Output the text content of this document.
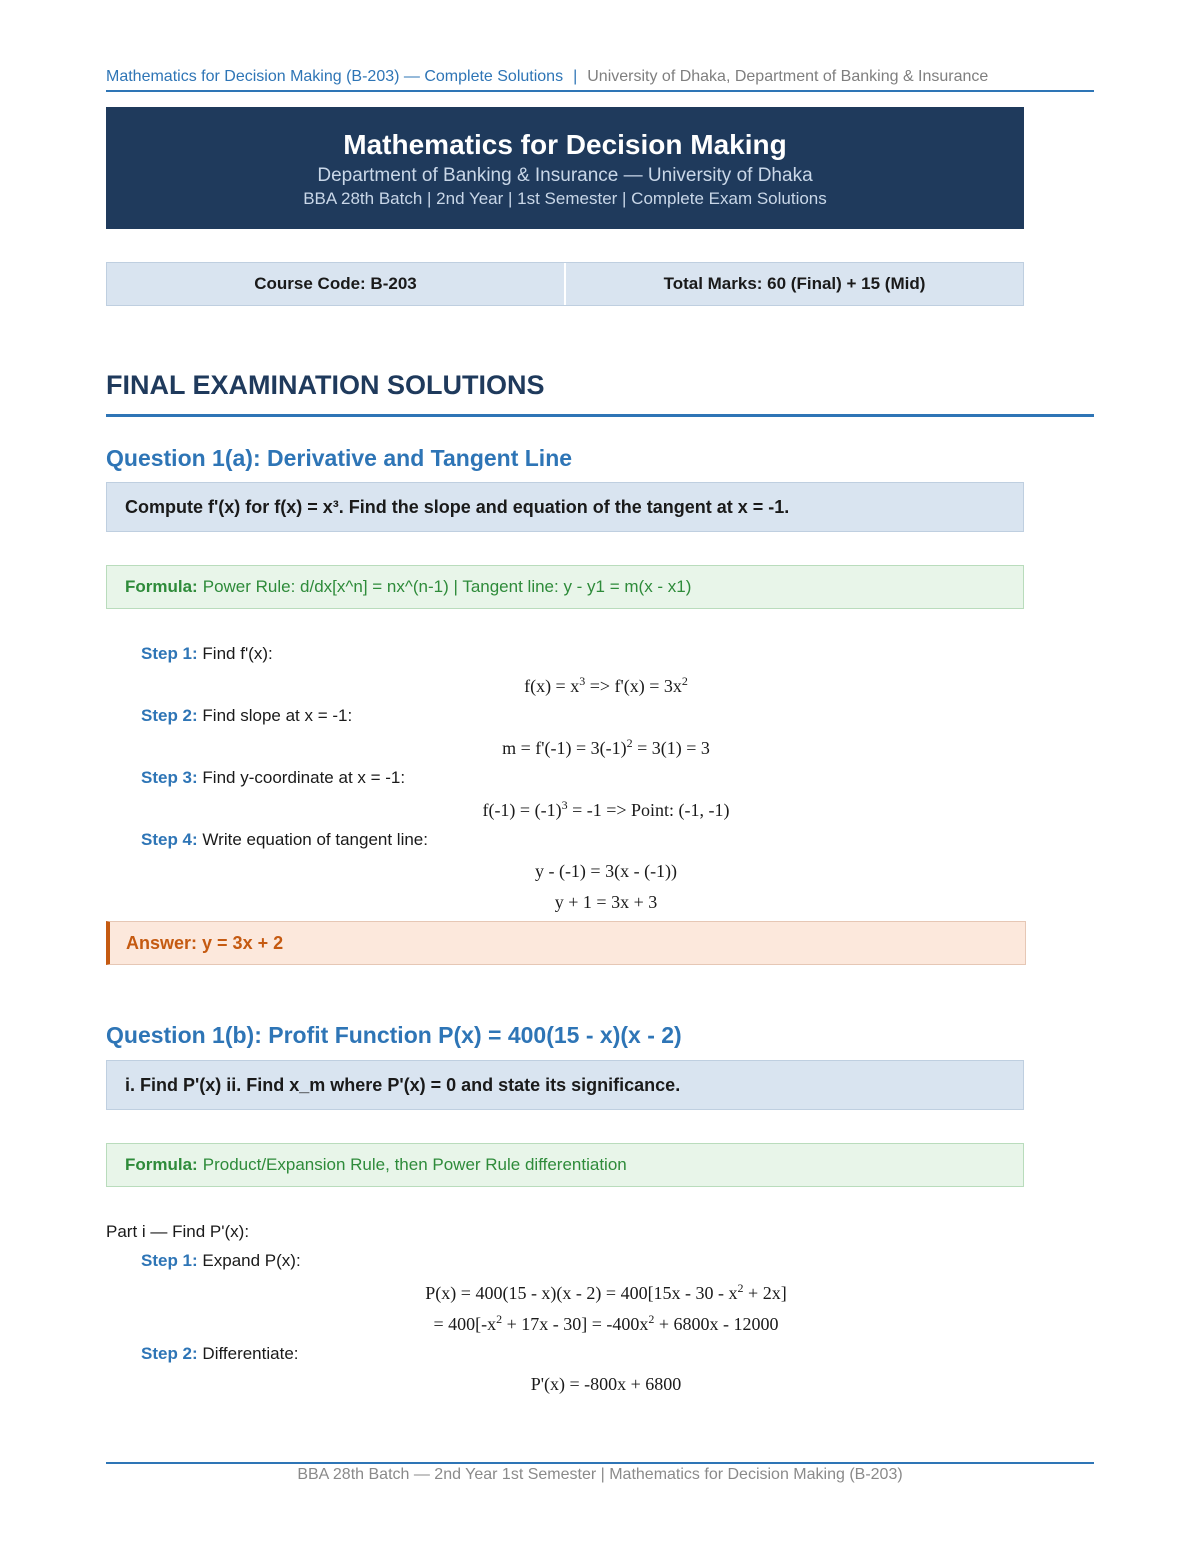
Mathematics for Decision Making (B-203) — Complete Solutions | University of Dhaka, Department of Banking & Insurance
Mathematics for Decision Making
Department of Banking & Insurance — University of Dhaka
BBA 28th Batch | 2nd Year | 1st Semester | Complete Exam Solutions
Course Code: B-203	Total Marks: 60 (Final) + 15 (Mid)
FINAL EXAMINATION SOLUTIONS
Question 1(a): Derivative and Tangent Line
Compute f'(x) for f(x) = x³. Find the slope and equation of the tangent at x = -1.
Formula: Power Rule: d/dx[x^n] = nx^(n-1) | Tangent line: y - y1 = m(x - x1)
Step 1: Find f'(x):
$f(x) = x^3 => f'(x) = 3x^2$
Step 2: Find slope at x = -1:
$m = f'(-1) = 3(-1)^2 = 3(1) = 3$
Step 3: Find y-coordinate at x = -1:
$f(-1) = (-1)^3 = -1$ => Point: (-1, -1)
Step 4: Write equation of tangent line:
y - (-1) = 3(x - (-1))
y + 1 = 3x + 3
Answer:
y = 3x + 2
Question 1(b): Profit Function P(x) = 400(15 - x)(x - 2)
i. Find P'(x) ii. Find x_m where P'(x) = 0 and state its significance.
Formula: Product/Expansion Rule, then Power Rule differentiation
Part i — Find P'(x):
Step 1: Expand P(x):
$P(x) = 400(15 - x)(x - 2) = 400[15x - 30 - x^2 + 2x]$
= $400[-x^2 + 17x - 30] = -400x^2 + 6800x - 12000$
Step 2: Differentiate:
P'(x) = -800x + 6800
BBA 28th Batch — 2nd Year 1st Semester | Mathematics for Decision Making (B-203)
